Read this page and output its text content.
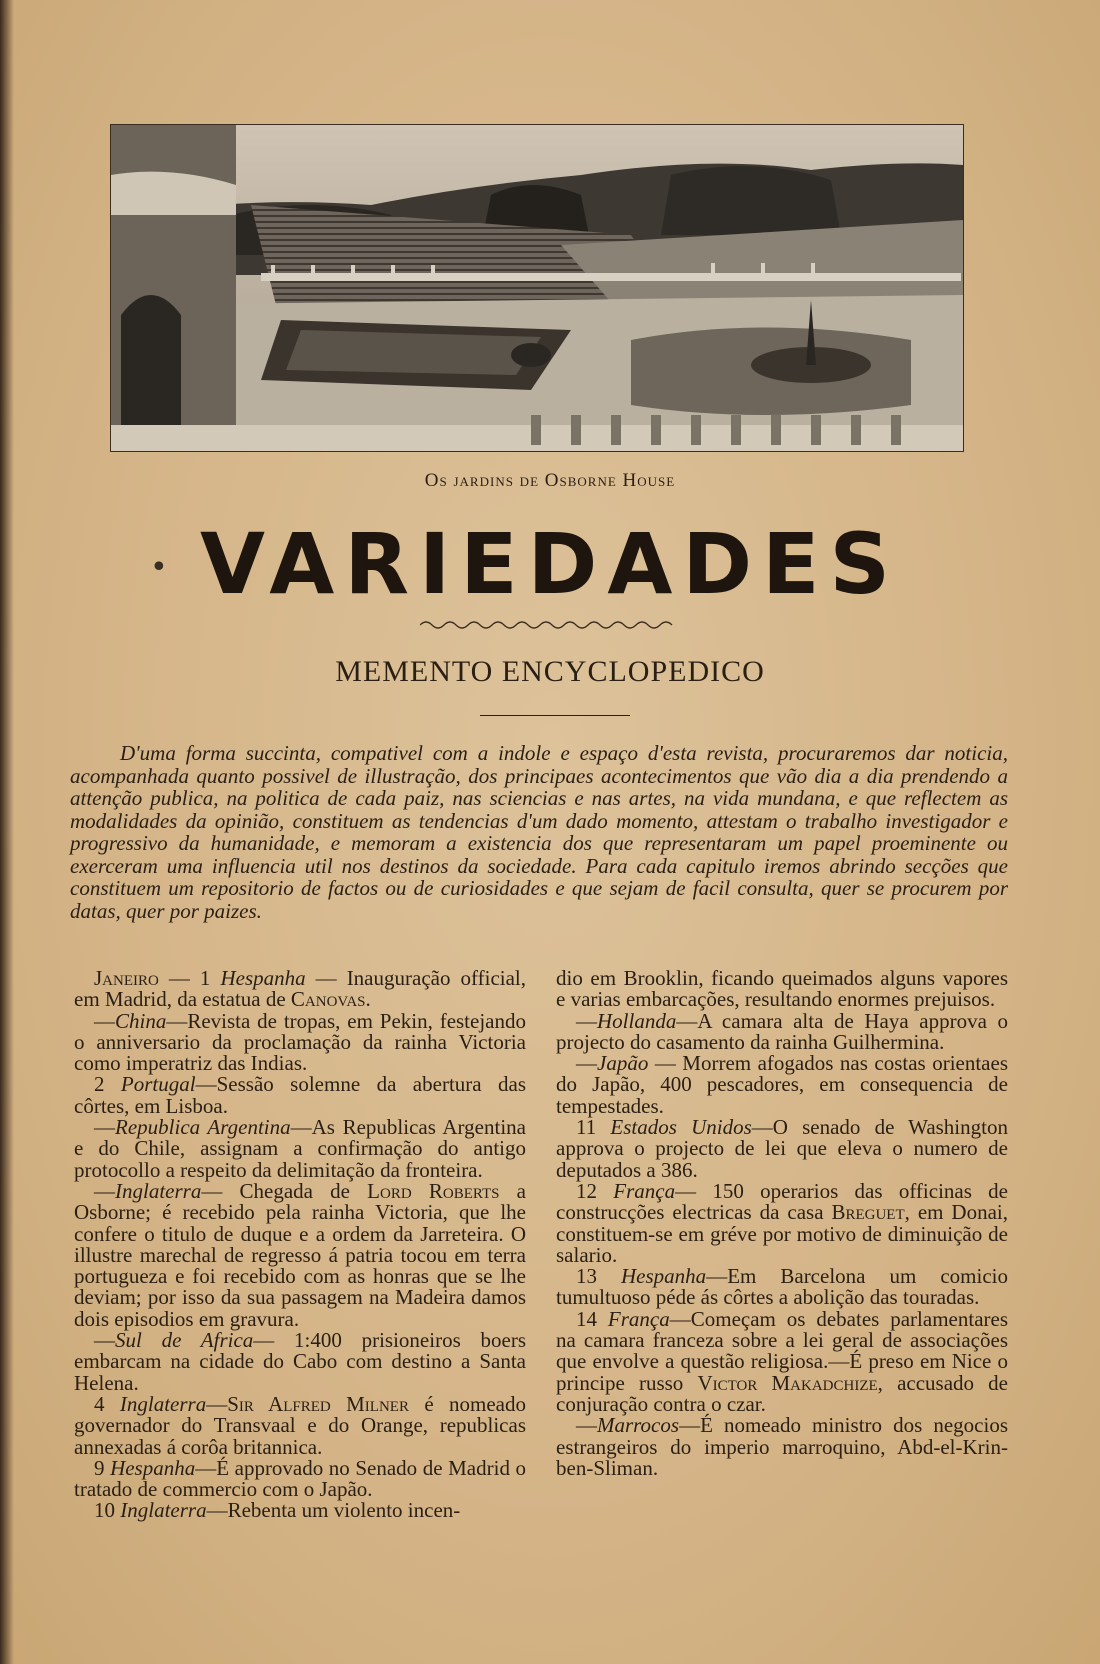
Os jardins de Osborne House
• VARIEDADES
MEMENTO ENCYCLOPEDICO
D'uma forma succinta, compativel com a indole e espaço d'esta revista, procuraremos dar noticia, acompanhada quanto possivel de illustração, dos principaes acontecimentos que vão dia a dia prendendo a attenção publica, na politica de cada paiz, nas sciencias e nas artes, na vida mundana, e que reflectem as modalidades da opinião, constituem as tendencias d'um dado momento, attestam o trabalho investigador e progressivo da humanidade, e memoram a existencia dos que representaram um papel proeminente ou exerceram uma influencia util nos destinos da sociedade. Para cada capitulo iremos abrindo secções que constituem um repositorio de factos ou de curiosidades e que sejam de facil consulta, quer se procurem por datas, quer por paizes.

Janeiro — 1 Hespanha — Inauguração official, em Madrid, da estatua de Canovas.

—China—Revista de tropas, em Pekin, festejando o anniversario da proclamação da rainha Victoria como imperatriz das Indias.

2 Portugal—Sessão solemne da abertura das côrtes, em Lisboa.

—Republica Argentina—As Republicas Argentina e do Chile, assignam a confirmação do antigo protocollo a respeito da delimitação da fronteira.

—Inglaterra— Chegada de Lord Roberts a Osborne; é recebido pela rainha Victoria, que lhe confere o titulo de duque e a ordem da Jarreteira. O illustre marechal de regresso á patria tocou em terra portugueza e foi recebido com as honras que se lhe deviam; por isso da sua passagem na Madeira damos dois episodios em gravura.

—Sul de Africa— 1:400 prisioneiros boers embarcam na cidade do Cabo com destino a Santa Helena.

4 Inglaterra—Sir Alfred Milner é nomeado governador do Transvaal e do Orange, republicas annexadas á corôa britannica.

9 Hespanha—É approvado no Senado de Madrid o tratado de commercio com o Japão.

10 Inglaterra—Rebenta um violento incen-

dio em Brooklin, ficando queimados alguns vapores e varias embarcações, resultando enormes prejuisos.

—Hollanda—A camara alta de Haya approva o projecto do casamento da rainha Guilhermina.

—Japão — Morrem afogados nas costas orientaes do Japão, 400 pescadores, em consequencia de tempestades.

11 Estados Unidos—O senado de Washington approva o projecto de lei que eleva o numero de deputados a 386.

12 França— 150 operarios das officinas de construcções electricas da casa Breguet, em Donai, constituem-se em gréve por motivo de diminuição de salario.

13 Hespanha—Em Barcelona um comicio tumultuoso péde ás côrtes a abolição das touradas.

14 França—Começam os debates parlamentares na camara franceza sobre a lei geral de associações que envolve a questão religiosa.—É preso em Nice o principe russo Victor Makadchize, accusado de conjuração contra o czar.

—Marrocos—É nomeado ministro dos negocios estrangeiros do imperio marroquino, Abd-el-Krin-ben-Sliman.
